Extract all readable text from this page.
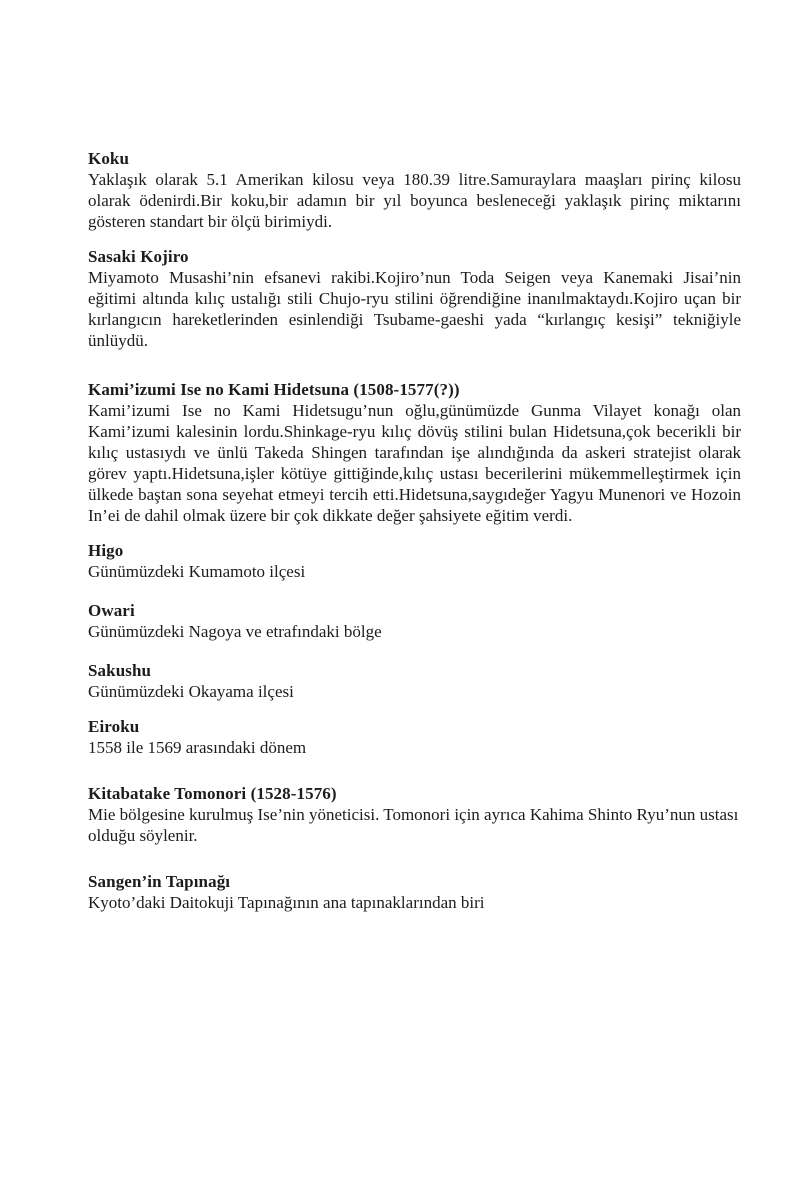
Koku

Yaklaşık olarak 5.1 Amerikan kilosu veya 180.39 litre.Samuraylara maaşları pirinç kilosu olarak ödenirdi.Bir koku,bir adamın bir yıl boyunca besleneceği yaklaşık pirinç miktarını gösteren standart bir ölçü birimiydi.

Sasaki Kojiro

Miyamoto Musashi’nin efsanevi rakibi.Kojiro’nun Toda Seigen veya Kanemaki Jisai’nin eğitimi altında kılıç ustalığı stili Chujo-ryu stilini öğrendiğine inanılmaktaydı.Kojiro uçan bir kırlangıcın hareketlerinden esinlendiği Tsubame-gaeshi yada “kırlangıç kesişi” tekniğiyle ünlüydü.

Kami’izumi Ise no Kami Hidetsuna (1508-1577(?))

Kami’izumi Ise no Kami Hidetsugu’nun oğlu,günümüzde Gunma Vilayet konağı olan Kami’izumi kalesinin lordu.Shinkage-ryu kılıç dövüş stilini bulan Hidetsuna,çok becerikli bir kılıç ustasıydı ve ünlü Takeda Shingen tarafından işe alındığında da askeri stratejist olarak görev yaptı.Hidetsuna,işler kötüye gittiğinde,kılıç ustası becerilerini mükemmelleştirmek için ülkede baştan sona seyehat etmeyi tercih etti.Hidetsuna,saygıdeğer Yagyu Munenori ve Hozoin In’ei de dahil olmak üzere bir çok dikkate değer şahsiyete eğitim verdi.

Higo

Günümüzdeki Kumamoto ilçesi

Owari

Günümüzdeki Nagoya ve etrafındaki bölge

Sakushu

Günümüzdeki Okayama ilçesi

Eiroku

1558 ile 1569 arasındaki dönem

Kitabatake Tomonori (1528-1576)

Mie bölgesine kurulmuş Ise’nin yöneticisi. Tomonori için ayrıca Kahima Shinto Ryu’nun ustası olduğu söylenir.

Sangen’in Tapınağı

Kyoto’daki Daitokuji Tapınağının ana tapınaklarından biri
